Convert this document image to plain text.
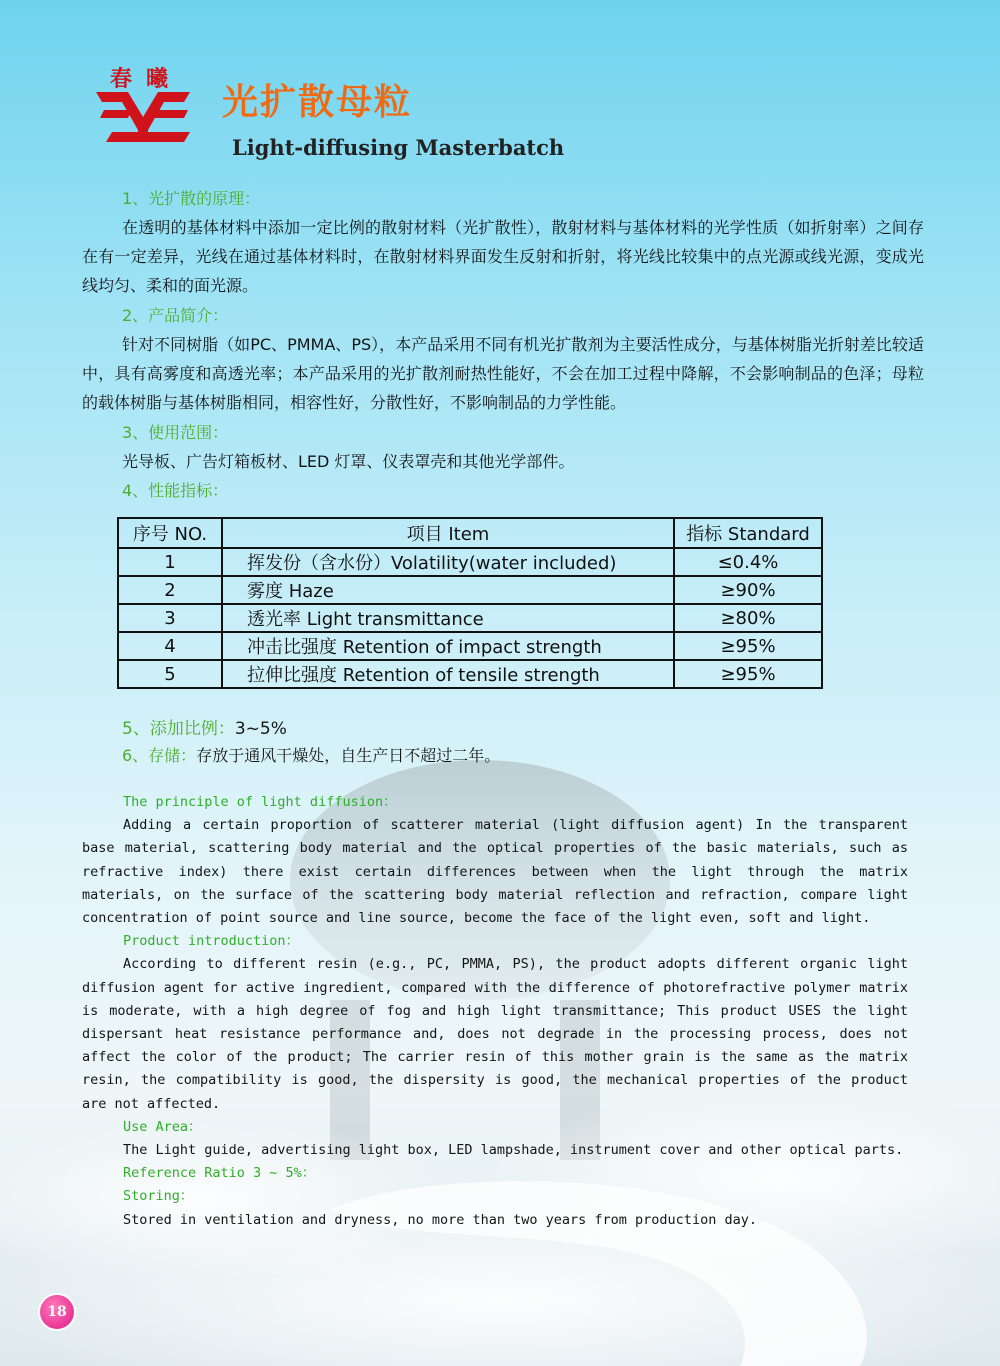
春曦
光扩散母粒
Light-diffusing Masterbatch
1、光扩散的原理：
在透明的基体材料中添加一定比例的散射材料（光扩散性），散射材料与基体材料的光学性质（如折射率）之间存在有一定差异，光线在通过基体材料时，在散射材料界面发生反射和折射，将光线比较集中的点光源或线光源，变成光线均匀、柔和的面光源。
2、产品简介：
针对不同树脂（如PC、PMMA、PS），本产品采用不同有机光扩散剂为主要活性成分，与基体树脂光折射差比较适中，具有高雾度和高透光率；本产品采用的光扩散剂耐热性能好，不会在加工过程中降解，不会影响制品的色泽；母粒的载体树脂与基体树脂相同，相容性好，分散性好，不影响制品的力学性能。
3、使用范围：
光导板、广告灯箱板材、LED 灯罩、仪表罩壳和其他光学部件。
4、性能指标：
序号 NO.	项目 Item	指标 Standard
1	挥发份（含水份）Volatility(water included)	≤0.4%
2	雾度 Haze	≥90%
3	透光率 Light transmittance	≥80%
4	冲击比强度 Retention of impact strength	≥95%
5	拉伸比强度 Retention of tensile strength	≥95%
5、添加比例：3~5%
6、存储：存放于通风干燥处，自生产日不超过二年。
The principle of light diffusion：
Adding a certain proportion of scatterer material (light diffusion agent) In the transparent base material, scattering body material and the optical properties of the basic materials, such as refractive index) there exist certain differences between when the light through the matrix materials, on the surface of the scattering body material reflection and refraction, compare light concentration of point source and line source, become the face of the light even, soft and light.
Product introduction：
According to different resin (e.g., PC, PMMA, PS), the product adopts different organic light diffusion agent for active ingredient, compared with the difference of photorefractive polymer matrix is moderate, with a high degree of fog and high light transmittance; This product USES the light dispersant heat resistance performance and, does not degrade in the processing process, does not affect the color of the product; The carrier resin of this mother grain is the same as the matrix resin, the compatibility is good, the dispersity is good, the mechanical properties of the product are not affected.
Use Area：
The Light guide, advertising light box, LED lampshade, instrument cover and other optical parts.
Reference Ratio 3 ~ 5%：
Storing：
Stored in ventilation and dryness, no more than two years from production day.
18
